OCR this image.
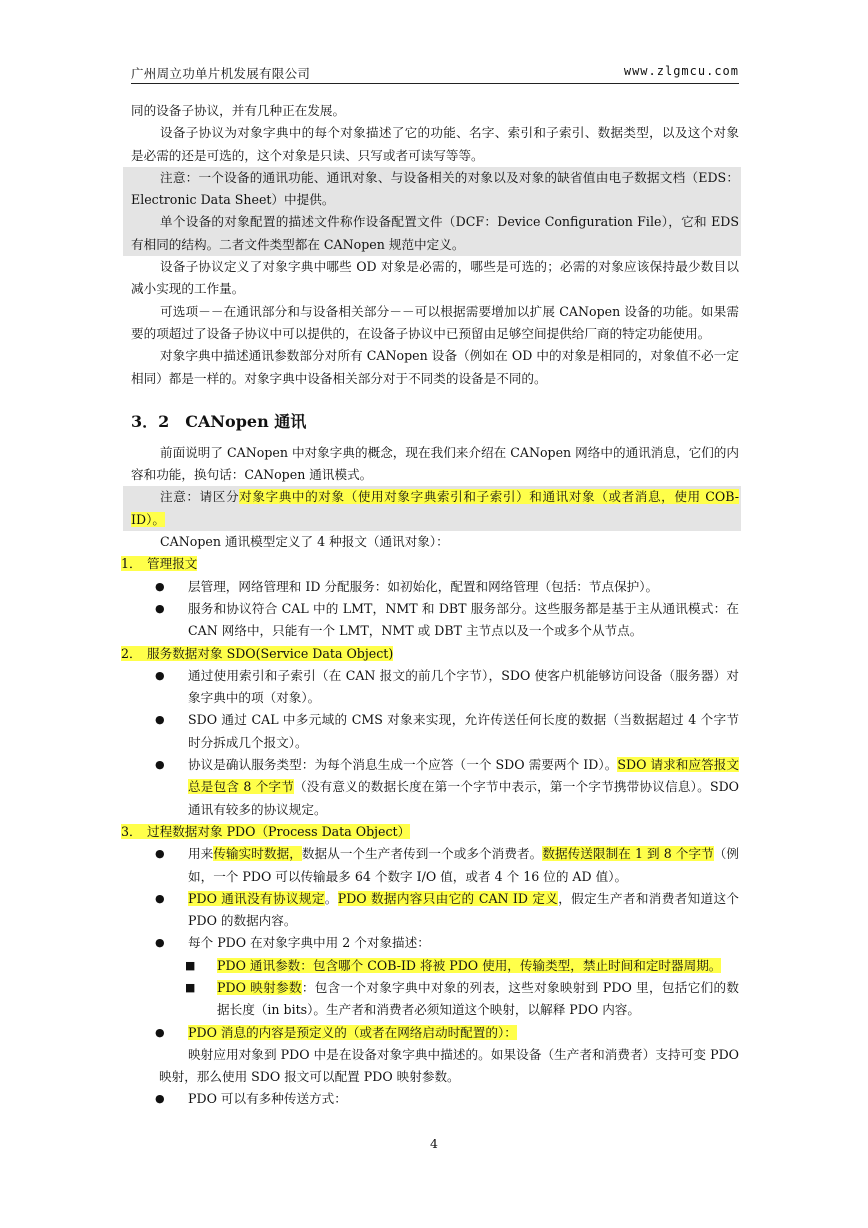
广州周立功单片机发展有限公司	www.zlgmcu.com

同的设备子协议，并有几种正在发展。

设备子协议为对象字典中的每个对象描述了它的功能、名字、索引和子索引、数据类型，以及这个对象是必需的还是可选的，这个对象是只读、只写或者可读写等等。

注意：一个设备的通讯功能、通讯对象、与设备相关的对象以及对象的缺省值由电子数据文档（EDS：Electronic Data Sheet）中提供。

单个设备的对象配置的描述文件称作设备配置文件（DCF：Device Configuration File），它和 EDS 有相同的结构。二者文件类型都在 CANopen 规范中定义。

设备子协议定义了对象字典中哪些 OD 对象是必需的，哪些是可选的；必需的对象应该保持最少数目以减小实现的工作量。

可选项－－在通讯部分和与设备相关部分－－可以根据需要增加以扩展 CANopen 设备的功能。如果需要的项超过了设备子协议中可以提供的，在设备子协议中已预留由足够空间提供给厂商的特定功能使用。

对象字典中描述通讯参数部分对所有 CANopen 设备（例如在 OD 中的对象是相同的，对象值不必一定相同）都是一样的。对象字典中设备相关部分对于不同类的设备是不同的。

3．2　CANopen 通讯

前面说明了 CANopen 中对象字典的概念，现在我们来介绍在 CANopen 网络中的通讯消息，它们的内容和功能，换句话：CANopen 通讯模式。

注意：请区分对象字典中的对象（使用对象字典索引和子索引）和通讯对象（或者消息，使用 COB-ID）。

CANopen 通讯模型定义了 4 种报文（通讯对象）：

1． 管理报文
● 层管理，网络管理和 ID 分配服务：如初始化，配置和网络管理（包括：节点保护）。
● 服务和协议符合 CAL 中的 LMT，NMT 和 DBT 服务部分。这些服务都是基于主从通讯模式：在 CAN 网络中，只能有一个 LMT，NMT 或 DBT 主节点以及一个或多个从节点。
2． 服务数据对象 SDO(Service Data Object)
● 通过使用索引和子索引（在 CAN 报文的前几个字节），SDO 使客户机能够访问设备（服务器）对象字典中的项（对象）。
● SDO 通过 CAL 中多元域的 CMS 对象来实现，允许传送任何长度的数据（当数据超过 4 个字节时分拆成几个报文）。
● 协议是确认服务类型：为每个消息生成一个应答（一个 SDO 需要两个 ID）。SDO 请求和应答报文总是包含 8 个字节（没有意义的数据长度在第一个字节中表示，第一个字节携带协议信息）。SDO 通讯有较多的协议规定。
3． 过程数据对象 PDO（Process Data Object）
● 用来传输实时数据，数据从一个生产者传到一个或多个消费者。数据传送限制在 1 到 8 个字节（例如，一个 PDO 可以传输最多 64 个数字 I/O 值，或者 4 个 16 位的 AD 值）。
● PDO 通讯没有协议规定。PDO 数据内容只由它的 CAN ID 定义，假定生产者和消费者知道这个 PDO 的数据内容。
● 每个 PDO 在对象字典中用 2 个对象描述：
■ PDO 通讯参数：包含哪个 COB-ID 将被 PDO 使用，传输类型，禁止时间和定时器周期。
■ PDO 映射参数：包含一个对象字典中对象的列表，这些对象映射到 PDO 里，包括它们的数据长度（in bits）。生产者和消费者必须知道这个映射，以解释 PDO 内容。
● PDO 消息的内容是预定义的（或者在网络启动时配置的）：

映射应用对象到 PDO 中是在设备对象字典中描述的。如果设备（生产者和消费者）支持可变 PDO 映射，那么使用 SDO 报文可以配置 PDO 映射参数。

● PDO 可以有多种传送方式：
4
